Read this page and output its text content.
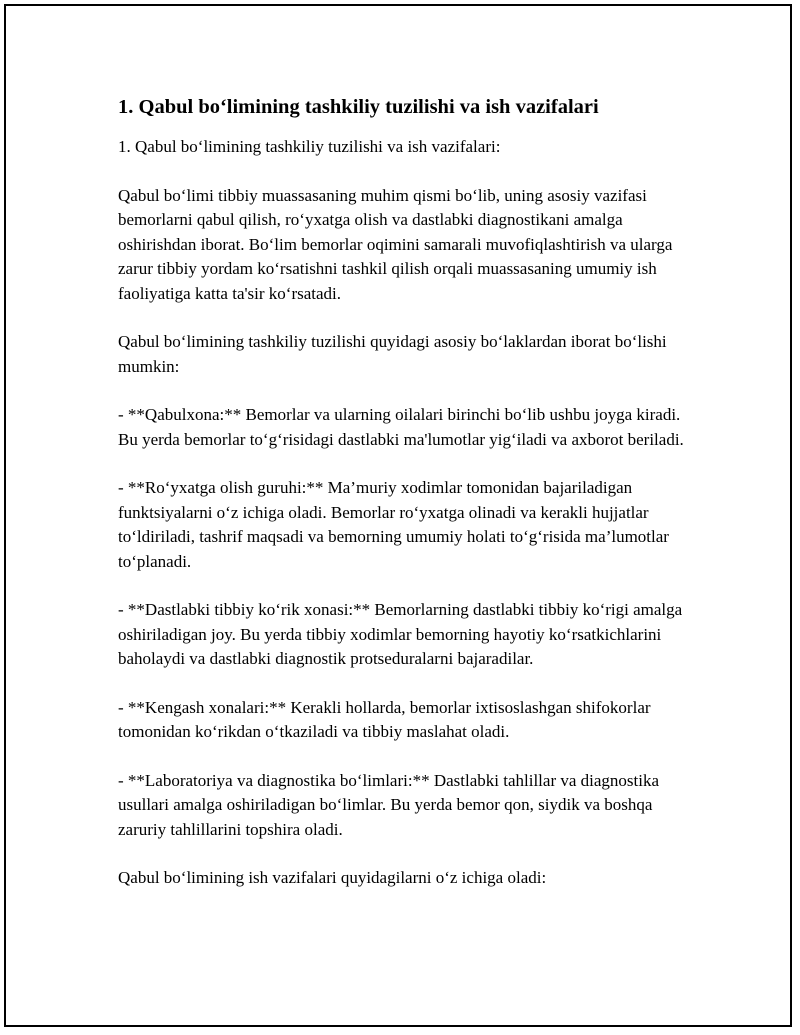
1. Qabul bo‘limining tashkiliy tuzilishi va ish vazifalari

1. Qabul bo‘limining tashkiliy tuzilishi va ish vazifalari:

Qabul bo‘limi tibbiy muassasaning muhim qismi bo‘lib, uning asosiy vazifasi bemorlarni qabul qilish, ro‘yxatga olish va dastlabki diagnostikani amalga oshirishdan iborat. Bo‘lim bemorlar oqimini samarali muvofiqlashtirish va ularga zarur tibbiy yordam ko‘rsatishni tashkil qilish orqali muassasaning umumiy ish faoliyatiga katta ta'sir ko‘rsatadi.

Qabul bo‘limining tashkiliy tuzilishi quyidagi asosiy bo‘laklardan iborat bo‘lishi mumkin:

- **Qabulxona:** Bemorlar va ularning oilalari birinchi bo‘lib ushbu joyga kiradi. Bu yerda bemorlar to‘g‘risidagi dastlabki ma'lumotlar yig‘iladi va axborot beriladi.

- **Ro‘yxatga olish guruhi:** Ma’muriy xodimlar tomonidan bajariladigan funktsiyalarni o‘z ichiga oladi. Bemorlar ro‘yxatga olinadi va kerakli hujjatlar to‘ldiriladi, tashrif maqsadi va bemorning umumiy holati to‘g‘risida ma’lumotlar to‘planadi.

- **Dastlabki tibbiy ko‘rik xonasi:** Bemorlarning dastlabki tibbiy ko‘rigi amalga oshiriladigan joy. Bu yerda tibbiy xodimlar bemorning hayotiy ko‘rsatkichlarini baholaydi va dastlabki diagnostik protseduralarni bajaradilar.

- **Kengash xonalari:** Kerakli hollarda, bemorlar ixtisoslashgan shifokorlar tomonidan ko‘rikdan o‘tkaziladi va tibbiy maslahat oladi.

- **Laboratoriya va diagnostika bo‘limlari:** Dastlabki tahlillar va diagnostika usullari amalga oshiriladigan bo‘limlar. Bu yerda bemor qon, siydik va boshqa zaruriy tahlillarini topshira oladi.

Qabul bo‘limining ish vazifalari quyidagilarni o‘z ichiga oladi:
